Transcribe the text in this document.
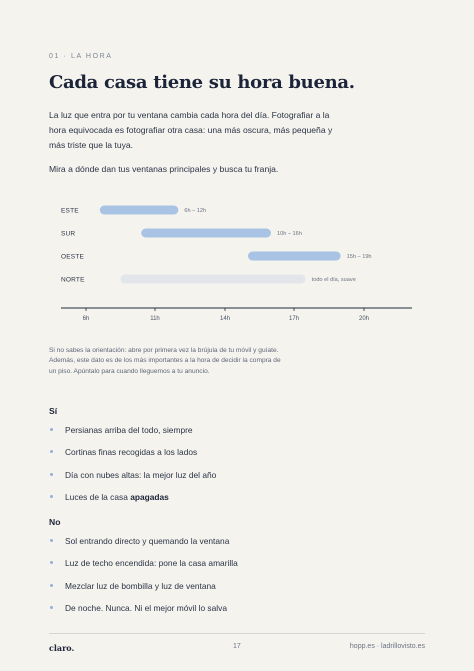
01 · LA HORA
Cada casa tiene su hora buena.
La luz que entra por tu ventana cambia cada hora del día. Fotografiar a la hora equivocada es fotografiar otra casa: una más oscura, más pequeña y más triste que la tuya.
Mira a dónde dan tus ventanas principales y busca tu franja.
ESTE	6h – 12h
SUR	10h – 16h
OESTE	15h – 19h
NORTE	todo el día, suave
6h	11h	14h	17h	20h
Si no sabes la orientación: abre por primera vez la brújula de tu móvil y guíate. Además, este dato es de los más importantes a la hora de decidir la compra de un piso. Apúntalo para cuando lleguemos a tu anuncio.
Sí
Persianas arriba del todo, siempre
Cortinas finas recogidas a los lados
Día con nubes altas: la mejor luz del año
Luces de la casa apagadas
No
Sol entrando directo y quemando la ventana
Luz de techo encendida: pone la casa amarilla
Mezclar luz de bombilla y luz de ventana
De noche. Nunca. Ni el mejor móvil lo salva
claro.	17	hopp.es · ladrillovisto.es
